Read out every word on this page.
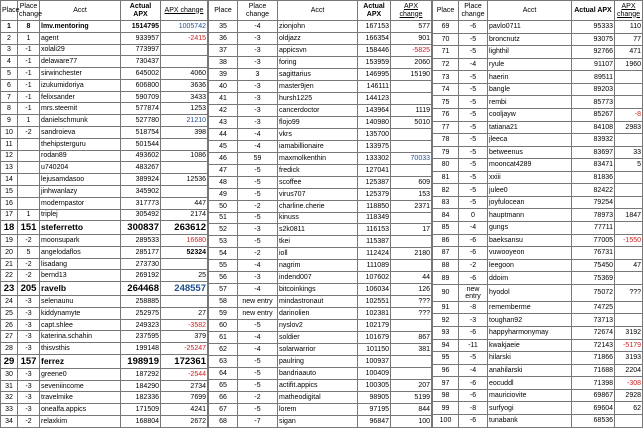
Place	Place change	Acct	Actual APX	APX change
1	8	lmv.mentoring	1514795	1005742
2	1	agent	933957	-2415
3	-1	xolali29	773997	
4	-1	delaware77	730437	
5	-1	sirwinchester	645002	4060
6	-1	izukumidoriya	606800	3636
7	-1	felixsander	590709	3433
8	-1	mrs.steemit	577874	1253
9	1	danielschmunk	527780	21210
10	-2	sandroieva	518754	398
11		thehipsterguru	501544	
12		rodan89	493602	1086
13		u740204	483267	
14		lejusamdasoo	389924	12536
15		jinhwanlazy	345902	
16		modernpastor	317773	447
17	1	triplej	305492	2174
18	151	steferretto	300837	263612
19	-2	moonsupark	289533	16680
20	5	angelodaflos	285177	52324
21	-2	lisadang	273730	
22	-2	bernd13	269192	25
23	205	ravelb	264468	248557
24	-3	selenaunu	258885	
25	-3	kiddynamyte	252975	27
26	-3	capt.shlee	249323	-3582
27	-3	katerina.schahin	237595	379
28	-3	thisvsthis	199148	-25247
29	157	ferrez	198919	172361
30	-3	greene0	187292	-2544
31	-3	seveniincome	184290	2734
32	-3	travelmike	182336	7699
33	-3	onealfa.appics	171509	4241
34	-2	relaxkim	168804	2672
Place	Place change	Acct	Actual APX	APX change
35	-4	zionjohn	167153	577
36	-3	oldjazz	166354	901
37	-3	appicsvn	158446	-5825
38	-3	foring	153959	2060
39	3	sagittarius	146995	15190
40	-3	master9jen	146111	
41	-3	hursh1225	144123	
42	-3	cancerdoctor	143964	1119
43	-3	flojo99	140980	5010
44	-4	vkrs	135700	
45	-4	iamabillionaire	133975	
46	59	maxmolkenthin	133302	70033
47	-5	fredick	127041	
48	-5	scoffee	125387	609
49	-5	virus707	125379	153
50	-2	charline.cherie	118850	2371
51	-5	kinuss	118349	
52	-3	s2k0811	116153	17
53	-5	tkei	115387	
54	-2	ioll	112424	2180
55	-4	nagrim	111089	
56	-3	indend007	107602	44
57	-4	bitcoinkings	106034	126
58	new entry	mindastronaut	102551	???
59	new entry	darinolien	102381	???
60	-5	nyslov2	102179	
61	-4	soldier	101679	867
62	-4	solarwarrior	101150	381
63	-5	paulring	100937	
64	-5	bandriaauto	100409	
65	-5	actifit.appics	100305	207
66	-2	matheodigital	98905	5199
67	-5	lorem	97195	844
68	-7	sigan	96847	100
Place	Place change	Acct	Actual APX	APX change
69	-6	pavlo0711	95333	110
70	-5	broncnutz	93075	77
71	-5	lighthil	92766	471
72	-4	ryule	91107	1960
73	-5	haerin	89511	
74	-5	bangle	89203	
75	-5	rembi	85773	
76	-5	cooljayw	85267	-8
77	-5	tatiana21	84108	2983
78	-5	jleeca	83932	
79	-5	betweenus	83697	33
80	-5	mooncat4289	83471	5
81	-5	xxiii	81836	
82	-5	julee0	82422	
83	-5	joyfulocean	79254	
84	0	hauptmann	78973	1847
85	-4	gungs	77711	
86	-6	baeksansu	77005	-1550
87	-6	vuwooyeon	76731	
88	-2	leegoon	75450	47
89	-6	ddoim	75369	
90	new entry	hyodol	75072	???
91	-8	rememberme	74725	
92	-3	toughan92	73713	
93	-6	happyharmonymay	72674	3192
94	-11	kwakjaeie	72143	-5179
95	-5	hilarski	71866	3193
96	-4	anahilarski	71688	2204
97	-6	eocuddl	71398	-308
98	-6	mauriciovite	69867	2928
99	-8	surfyogi	69604	62
100	-6	tunabank	68536	
